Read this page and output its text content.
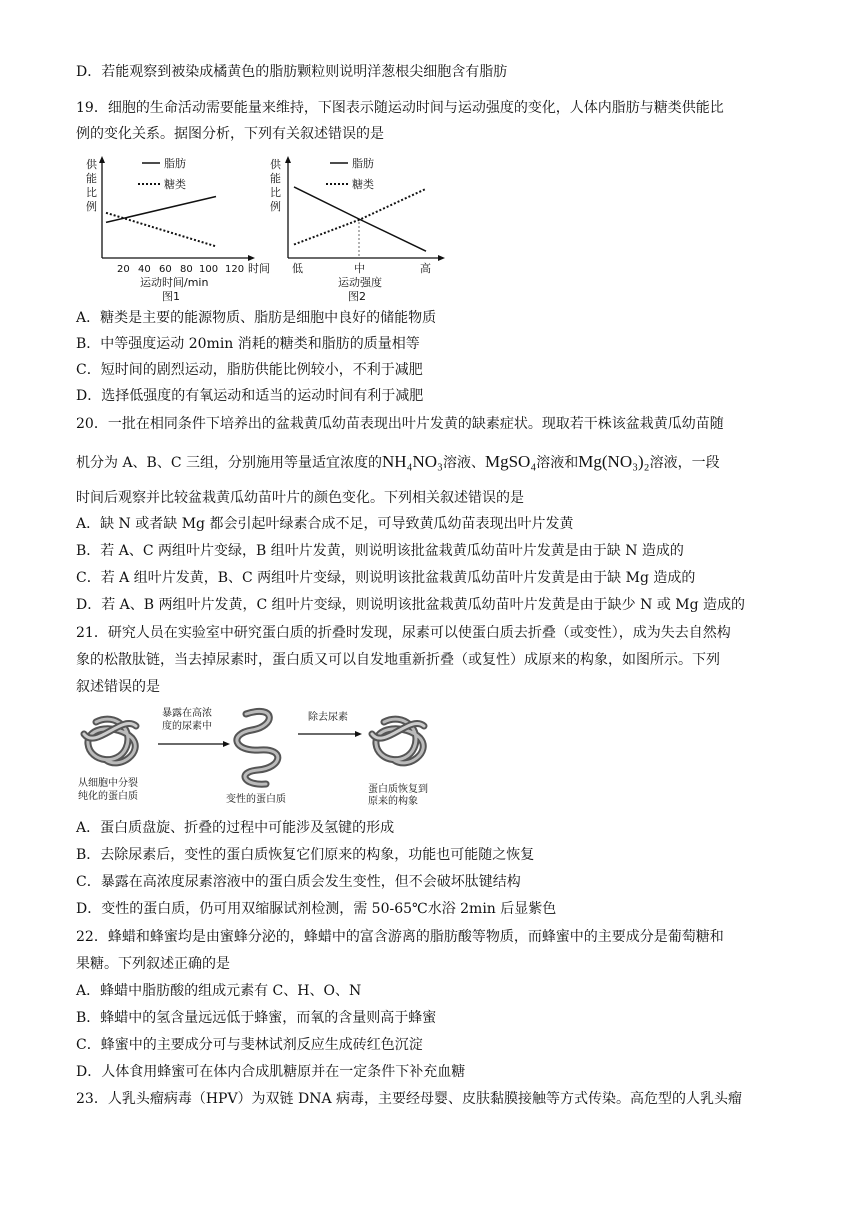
D．若能观察到被染成橘黄色的脂肪颗粒则说明洋葱根尖细胞含有脂肪
19．细胞的生命活动需要能量来维持，下图表示随运动时间与运动强度的变化，人体内脂肪与糖类供能比
例的变化关系。据图分析，下列有关叙述错误的是
供
能
比
例
脂肪
糖类
20 40 60 80 100 120 时间
运动时间/min
图1
供
能
比
例
脂肪
糖类
低	中	高
运动强度
图2
A．糖类是主要的能源物质、脂肪是细胞中良好的储能物质
B．中等强度运动 20min 消耗的糖类和脂肪的质量相等
C．短时间的剧烈运动，脂肪供能比例较小，不利于减肥
D．选择低强度的有氧运动和适当的运动时间有利于减肥
20．一批在相同条件下培养出的盆栽黄瓜幼苗表现出叶片发黄的缺素症状。现取若干株该盆栽黄瓜幼苗随
机分为 A、B、C 三组，分别施用等量适宜浓度的NH₄NO₃溶液、MgSO₄溶液和Mg(NO₃)₂溶液，一段
时间后观察并比较盆栽黄瓜幼苗叶片的颜色变化。下列相关叙述错误的是
A．缺 N 或者缺 Mg 都会引起叶绿素合成不足，可导致黄瓜幼苗表现出叶片发黄
B．若 A、C 两组叶片变绿，B 组叶片发黄，则说明该批盆栽黄瓜幼苗叶片发黄是由于缺 N 造成的
C．若 A 组叶片发黄，B、C 两组叶片变绿，则说明该批盆栽黄瓜幼苗叶片发黄是由于缺 Mg 造成的
D．若 A、B 两组叶片发黄，C 组叶片变绿，则说明该批盆栽黄瓜幼苗叶片发黄是由于缺少 N 或 Mg 造成的
21．研究人员在实验室中研究蛋白质的折叠时发现，尿素可以使蛋白质去折叠（或变性），成为失去自然构
象的松散肽链，当去掉尿素时，蛋白质又可以自发地重新折叠（或复性）成原来的构象，如图所示。下列
叙述错误的是
从细胞中分裂
纯化的蛋白质
暴露在高浓
度的尿素中
变性的蛋白质
除去尿素
蛋白质恢复到
原来的构象
A．蛋白质盘旋、折叠的过程中可能涉及氢键的形成
B．去除尿素后，变性的蛋白质恢复它们原来的构象，功能也可能随之恢复
C．暴露在高浓度尿素溶液中的蛋白质会发生变性，但不会破坏肽键结构
D．变性的蛋白质，仍可用双缩脲试剂检测，需 50-65℃水浴 2min 后显紫色
22．蜂蜡和蜂蜜均是由蜜蜂分泌的，蜂蜡中的富含游离的脂肪酸等物质，而蜂蜜中的主要成分是葡萄糖和
果糖。下列叙述正确的是
A．蜂蜡中脂肪酸的组成元素有 C、H、O、N
B．蜂蜡中的氢含量远远低于蜂蜜，而氧的含量则高于蜂蜜
C．蜂蜜中的主要成分可与斐林试剂反应生成砖红色沉淀
D．人体食用蜂蜜可在体内合成肌糖原并在一定条件下补充血糖
23．人乳头瘤病毒（HPV）为双链 DNA 病毒，主要经母婴、皮肤黏膜接触等方式传染。高危型的人乳头瘤
